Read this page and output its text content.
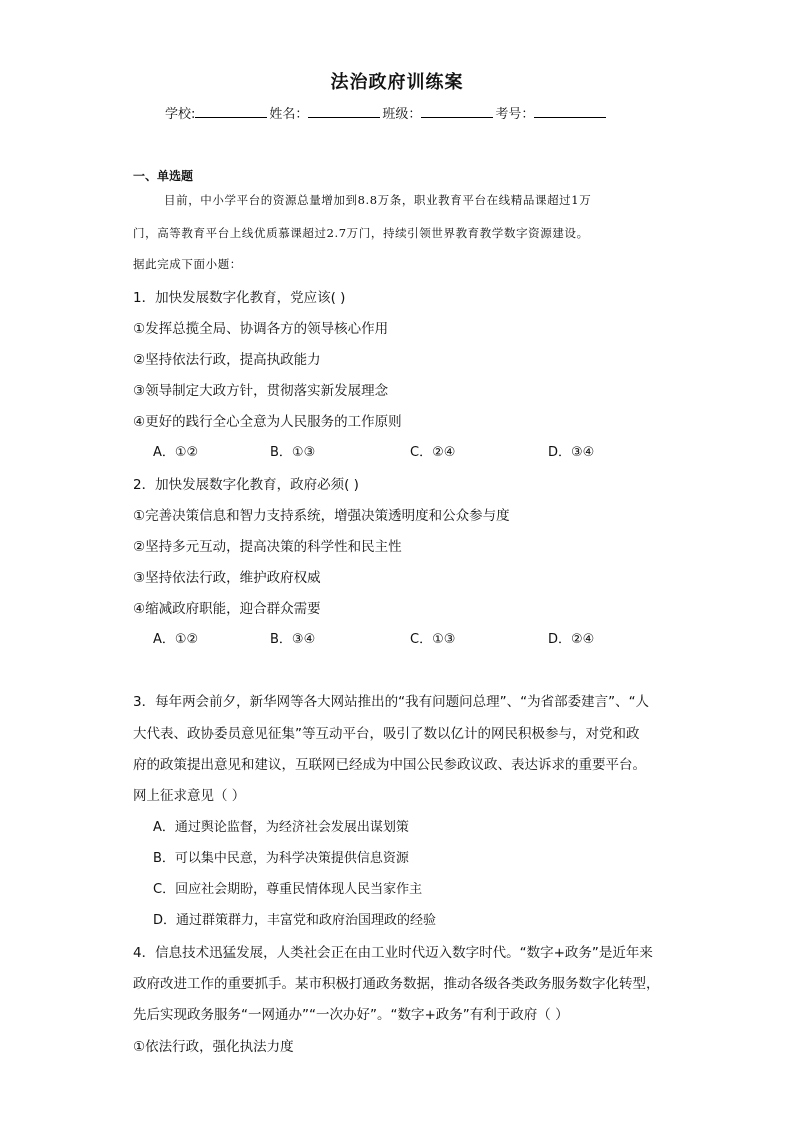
法治政府训练案
学校:	姓名：	班级：	考号：
一、单选题
目前，中小学平台的资源总量增加到8.8万条，职业教育平台在线精品课超过1万
门，高等教育平台上线优质慕课超过2.7万门，持续引领世界教育教学数字资源建设。
据此完成下面小题：
1．加快发展数字化教育，党应该( )
①发挥总揽全局、协调各方的领导核心作用
②坚持依法行政，提高执政能力
③领导制定大政方针，贯彻落实新发展理念
④更好的践行全心全意为人民服务的工作原则
A．①②	B．①③	C．②④	D．③④
2．加快发展数字化教育，政府必须( )
①完善决策信息和智力支持系统，增强决策透明度和公众参与度
②坚持多元互动，提高决策的科学性和民主性
③坚持依法行政，维护政府权威
④缩减政府职能，迎合群众需要
A．①②	B．③④	C．①③	D．②④
3．每年两会前夕，新华网等各大网站推出的“我有问题问总理”、“为省部委建言”、“人
大代表、政协委员意见征集”等互动平台，吸引了数以亿计的网民积极参与，对党和政
府的政策提出意见和建议，互联网已经成为中国公民参政议政、表达诉求的重要平台。
网上征求意见（ ）
A．通过舆论监督，为经济社会发展出谋划策
B．可以集中民意，为科学决策提供信息资源
C．回应社会期盼，尊重民情体现人民当家作主
D．通过群策群力，丰富党和政府治国理政的经验
4．信息技术迅猛发展，人类社会正在由工业时代迈入数字时代。“数字+政务”是近年来
政府改进工作的重要抓手。某市积极打通政务数据，推动各级各类政务服务数字化转型，
先后实现政务服务“一网通办”“一次办好”。“数字+政务”有利于政府（ ）
①依法行政，强化执法力度
